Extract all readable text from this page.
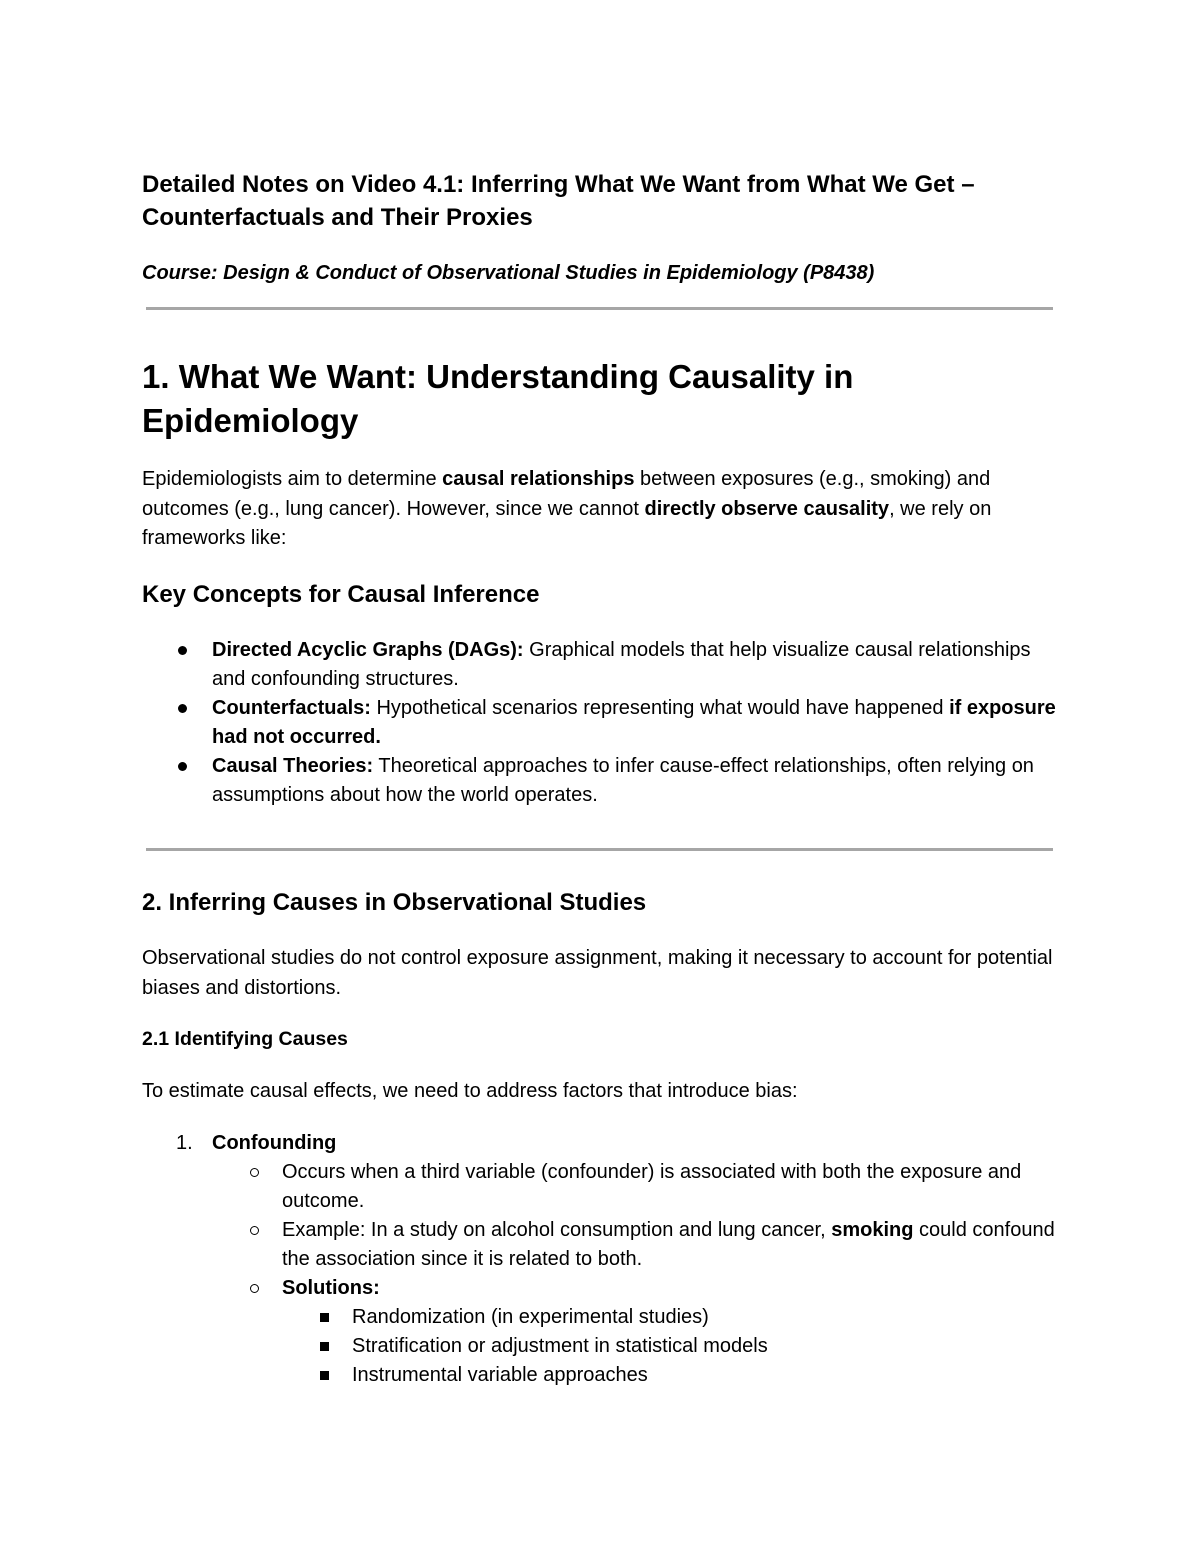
Detailed Notes on Video 4.1: Inferring What We Want from What We Get – Counterfactuals and Their Proxies

Course: Design & Conduct of Observational Studies in Epidemiology (P8438)

1. What We Want: Understanding Causality in Epidemiology

Epidemiologists aim to determine causal relationships between exposures (e.g., smoking) and outcomes (e.g., lung cancer). However, since we cannot directly observe causality, we rely on frameworks like:

Key Concepts for Causal Inference
Directed Acyclic Graphs (DAGs): Graphical models that help visualize causal relationships and confounding structures.
Counterfactuals: Hypothetical scenarios representing what would have happened if exposure had not occurred.
Causal Theories: Theoretical approaches to infer cause-effect relationships, often relying on assumptions about how the world operates.
2. Inferring Causes in Observational Studies

Observational studies do not control exposure assignment, making it necessary to account for potential biases and distortions.

2.1 Identifying Causes

To estimate causal effects, we need to address factors that introduce bias:

1. Confounding
Occurs when a third variable (confounder) is associated with both the exposure and outcome.
Example: In a study on alcohol consumption and lung cancer, smoking could confound the association since it is related to both.
Solutions:
Randomization (in experimental studies)
Stratification or adjustment in statistical models
Instrumental variable approaches
